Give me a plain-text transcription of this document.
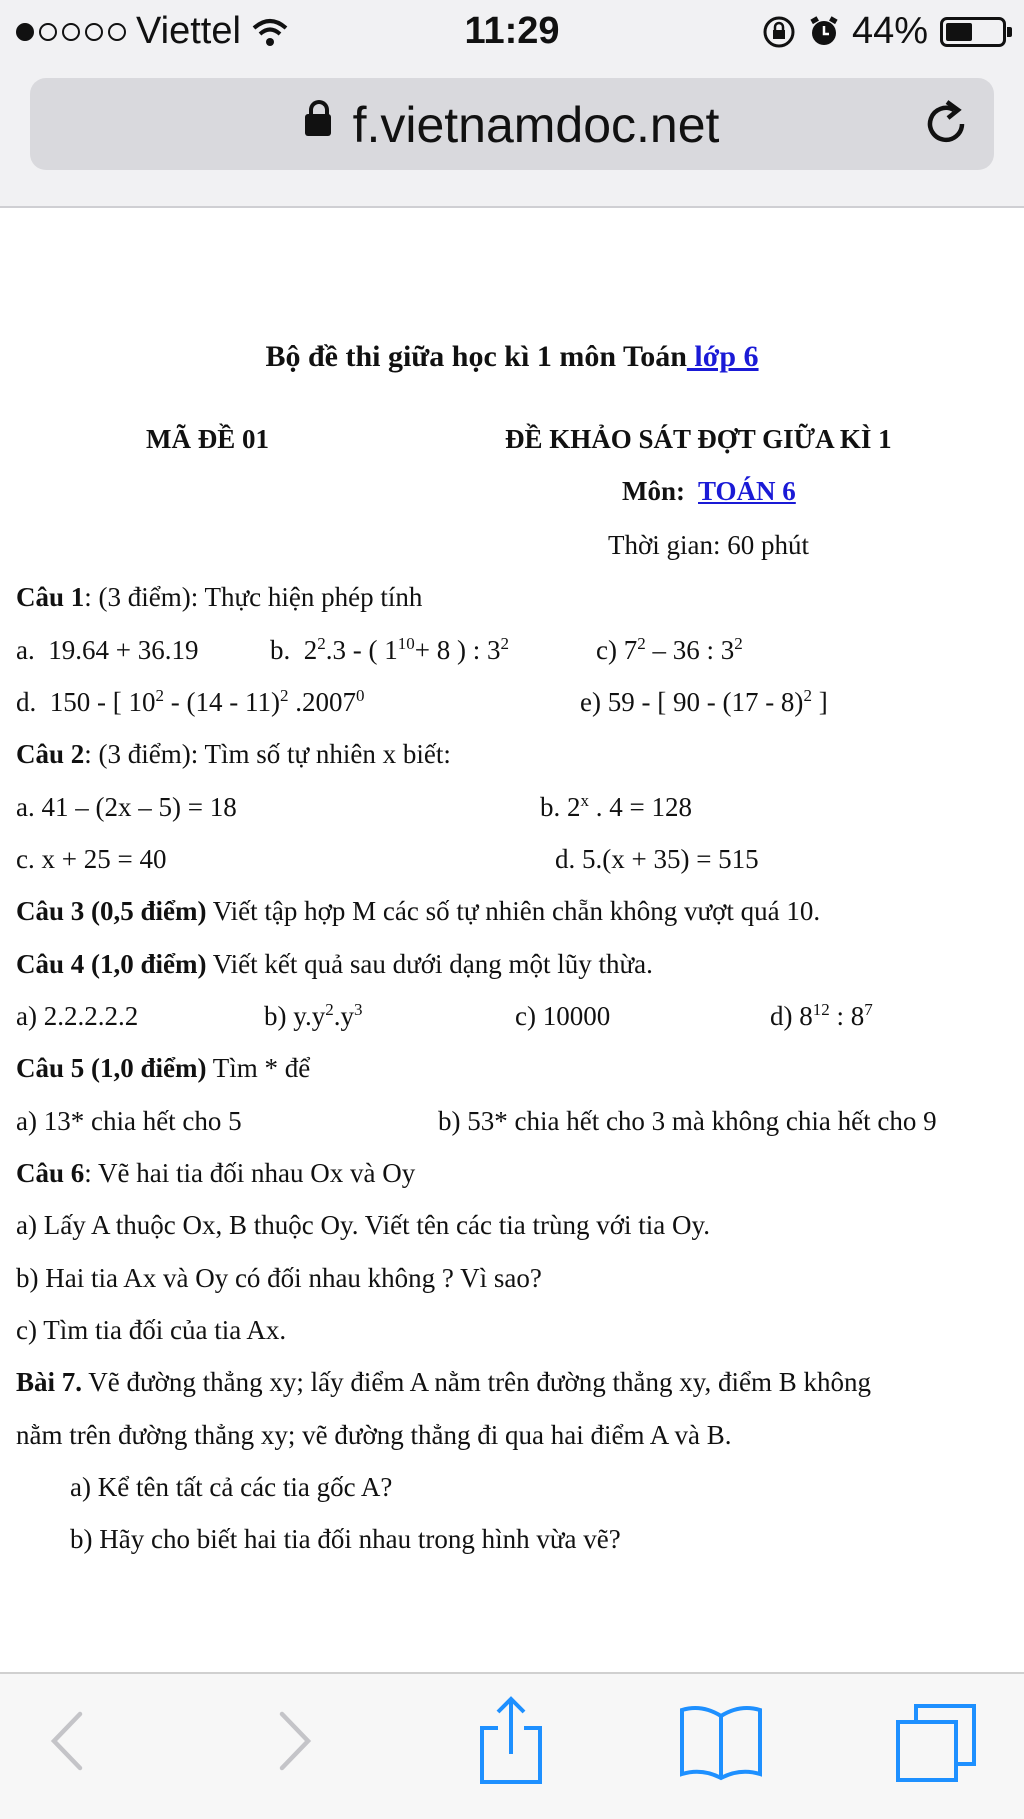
Viettel	11:29	44%
f.vietnamdoc.net
Bộ đề thi giữa học kì 1 môn Toán lớp 6
MÃ ĐỀ 01	ĐỀ KHẢO SÁT ĐỢT GIỮA KÌ 1
Môn: TOÁN 6
Thời gian: 60 phút
Câu 1: (3 điểm): Thực hiện phép tính
a.  19.64 + 36.19	b.  $2^2.3$ - ( $1^{10}+ 8$ ) : $3^2$	c) $7^2 - 36$ : $3^2$
d.  150 - [ $10^2 - (14 - 11)^2$ .2007$^0$	e) 59 - [ 90 - (17 - 8)$^2$ ]
Câu 2: (3 điểm): Tìm số tự nhiên x biết:
a. 41 – (2x – 5) = 18	b. 2$^x$ . 4 = 128
c. x + 25 = 40	d. 5.(x + 35) = 515
Câu 3 (0,5 điểm) Viết tập hợp M các số tự nhiên chẵn không vượt quá 10.
Câu 4 (1,0 điểm) Viết kết quả sau dưới dạng một lũy thừa.
a) 2.2.2.2.2	b) $y.y^2.y^3$	c) 10000	d) $8^{12}$ : $8^7$
Câu 5 (1,0 điểm) Tìm * để
a) 13* chia hết cho 5	b) 53* chia hết cho 3 mà không chia hết cho 9
Câu 6: Vẽ hai tia đối nhau Ox và Oy
a) Lấy A thuộc Ox, B thuộc Oy. Viết tên các tia trùng với tia Oy.
b) Hai tia Ax và Oy có đối nhau không ? Vì sao?
c) Tìm tia đối của tia Ax.
Bài 7. Vẽ đường thẳng xy; lấy điểm A nằm trên đường thẳng xy, điểm B không
nằm trên đường thẳng xy; vẽ đường thẳng đi qua hai điểm A và B.
a) Kể tên tất cả các tia gốc A?
b) Hãy cho biết hai tia đối nhau trong hình vừa vẽ?
